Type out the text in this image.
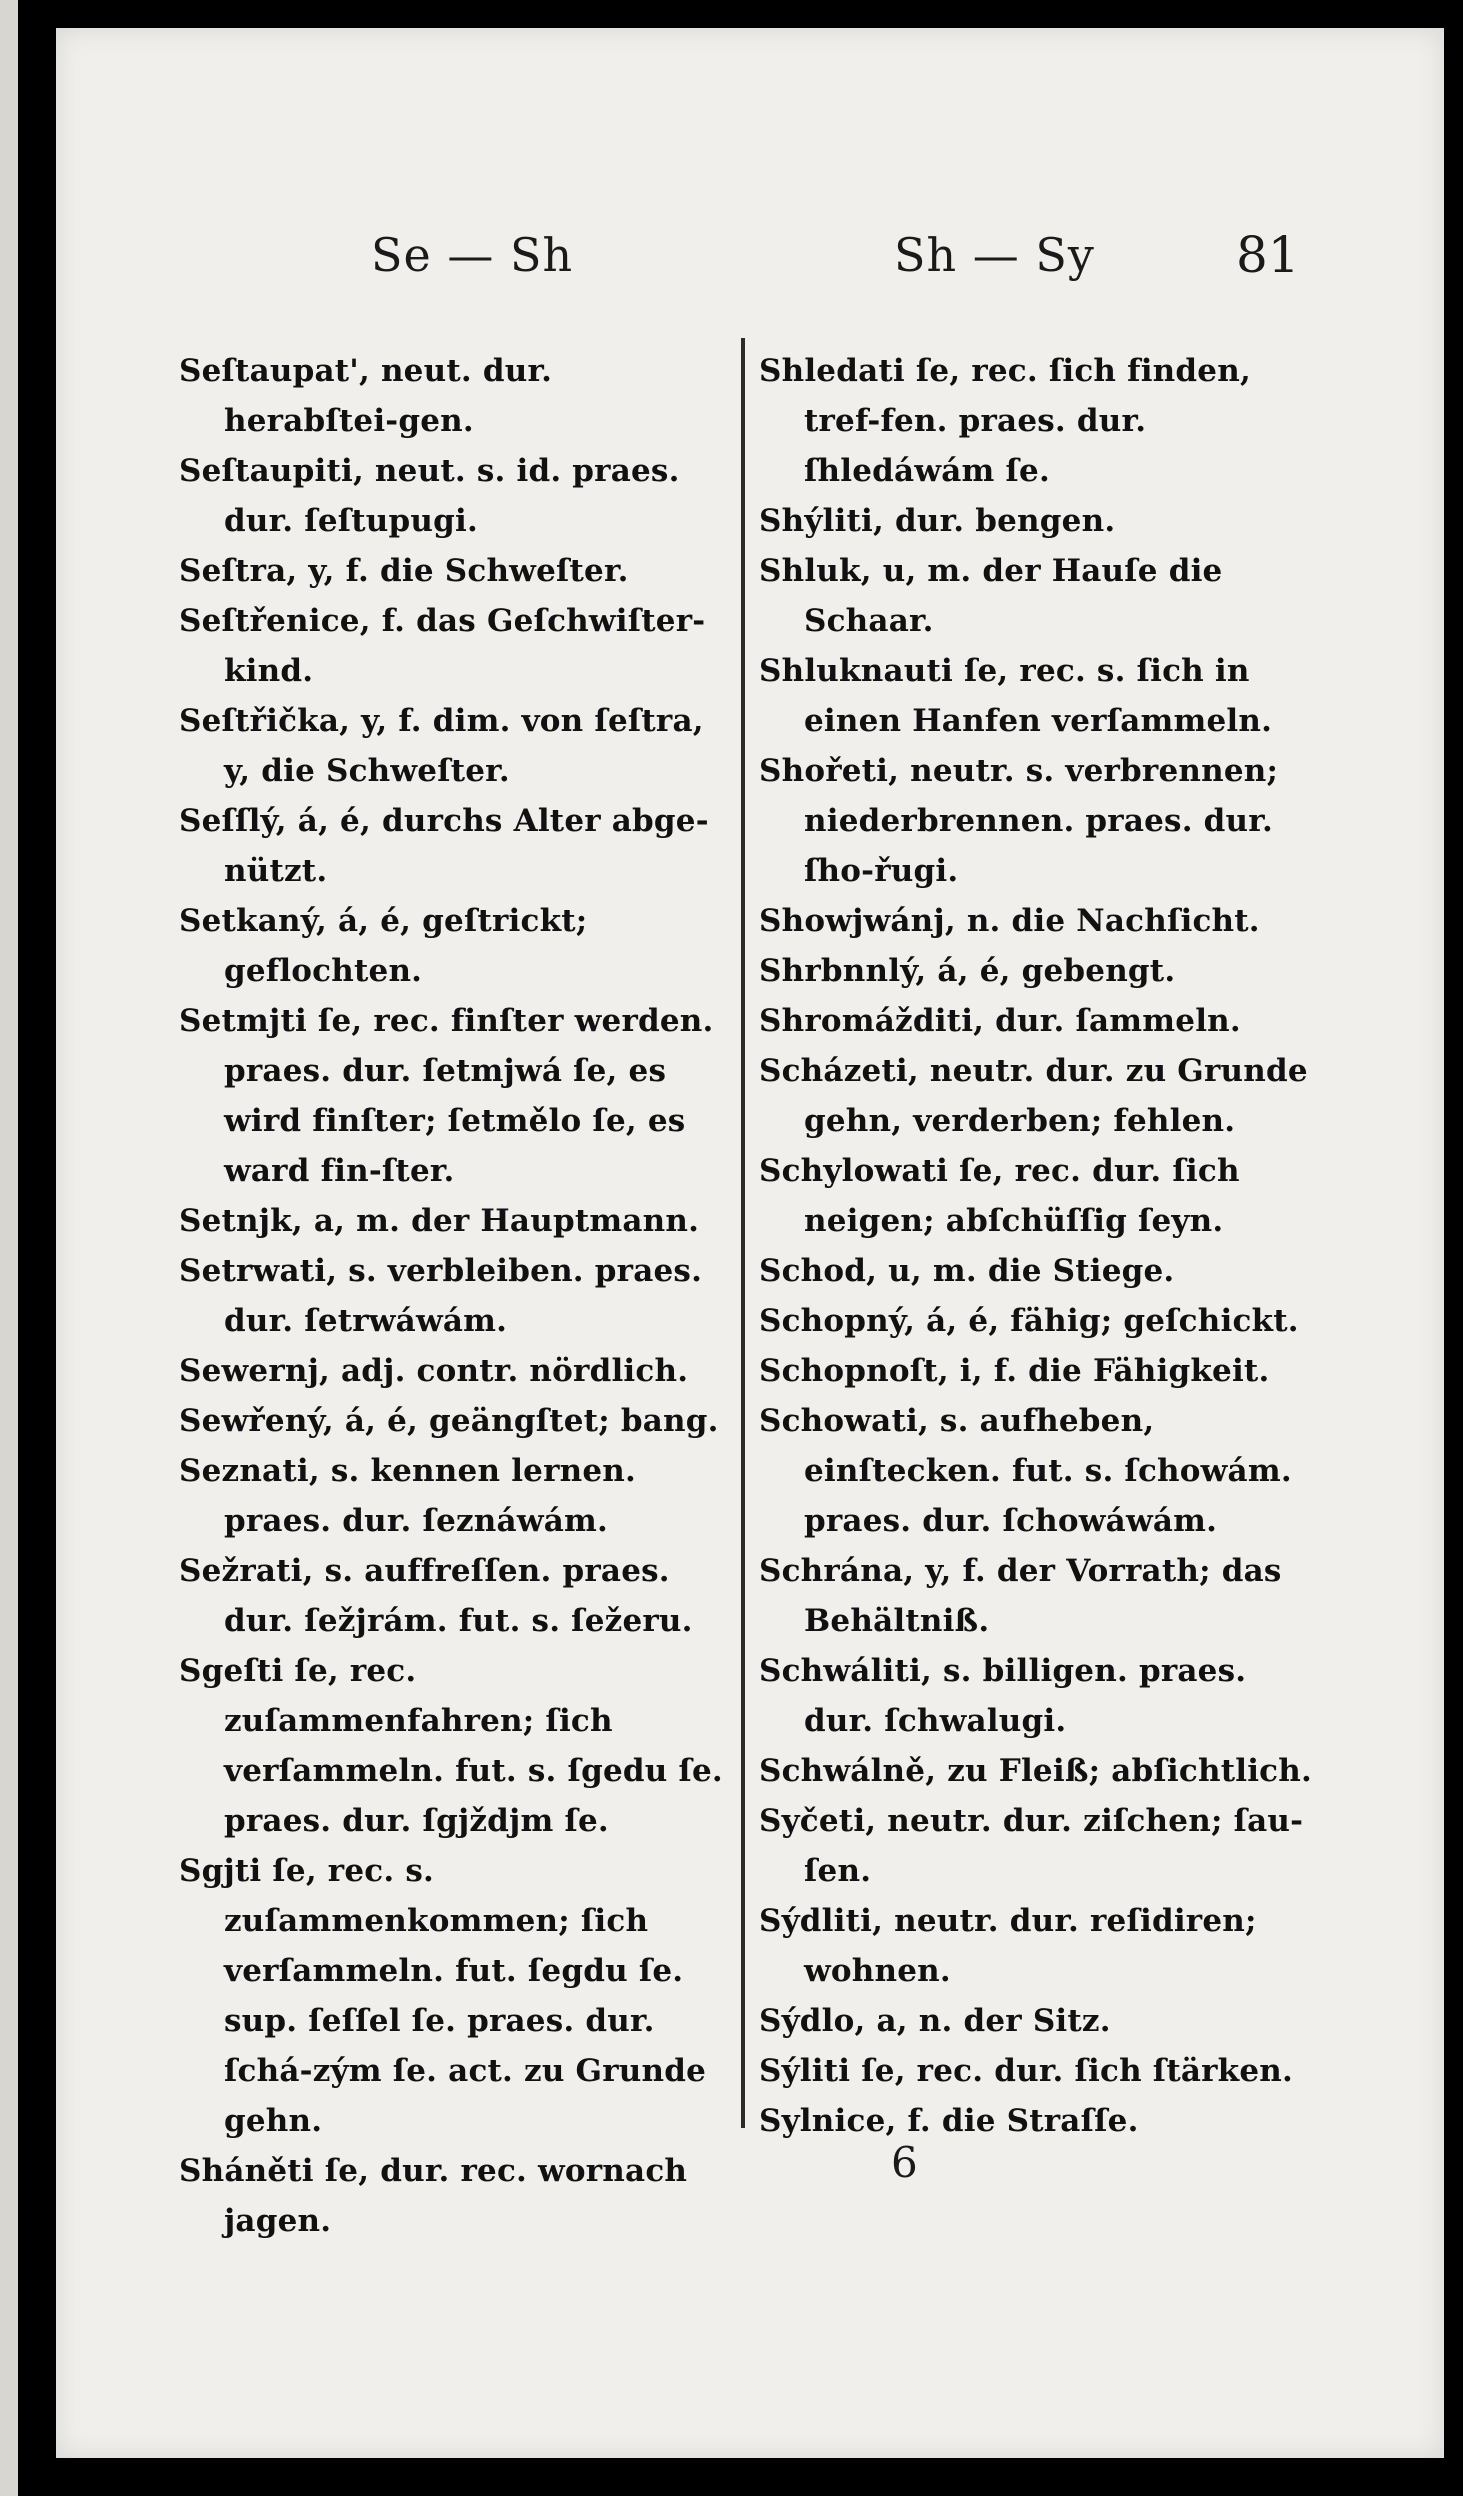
Se — Sh	Sh — Sy	81

Seſtaupat', neut. dur. herabſtei-gen.

Seſtaupiti, neut. s. id. praes. dur. ſeſtupugi.

Seſtra, y, f. die Schweſter.

Seſtřenice, f. das Geſchwiſter-kind.

Seſtřička, y, f. dim. von ſeſtra, y, die Schweſter.

Seſſlý, á, é, durchs Alter abge-nützt.

Setkaný, á, é, geſtrickt; geflochten.

Setmjti ſe, rec. finſter werden. praes. dur. ſetmjwá ſe, es wird finſter; ſetmělo ſe, es ward fin-ſter.

Setnjk, a, m. der Hauptmann.

Setrwati, s. verbleiben. praes. dur. ſetrwáwám.

Sewernj, adj. contr. nördlich.

Sewřený, á, é, geängſtet; bang.

Seznati, s. kennen lernen. praes. dur. ſeznáwám.

Sežrati, s. auffreſſen. praes. dur. ſežjrám. fut. s. ſežeru.

Sgeſti ſe, rec. zuſammenfahren; ſich verſammeln. fut. s. ſgedu ſe. praes. dur. ſgjždjm ſe.

Sgjti ſe, rec. s. zuſammenkommen; ſich verſammeln. fut. ſegdu ſe. sup. ſeſſel ſe. praes. dur. ſchá-zým ſe. act. zu Grunde gehn.

Sháněti ſe, dur. rec. wornach jagen.

Shledati ſe, rec. ſich finden, tref-fen. praes. dur. ſhledáwám ſe.

Shýliti, dur. bengen.

Shluk, u, m. der Hauſe die Schaar.

Shluknauti ſe, rec. s. ſich in einen Hanfen verſammeln.

Shořeti, neutr. s. verbrennen; niederbrennen. praes. dur. ſho-řugi.

Showjwánj, n. die Nachſicht.

Shrbnnlý, á, é, gebengt.

Shromážditi, dur. ſammeln.

Scházeti, neutr. dur. zu Grunde gehn, verderben; fehlen.

Schylowati ſe, rec. dur. ſich neigen; abſchüſſig ſeyn.

Schod, u, m. die Stiege.

Schopný, á, é, fähig; geſchickt.

Schopnoſt, i, f. die Fähigkeit.

Schowati, s. aufheben, einſtecken. fut. s. ſchowám. praes. dur. ſchowáwám.

Schrána, y, f. der Vorrath; das Behältniß.

Schwáliti, s. billigen. praes. dur. ſchwalugi.

Schwálně, zu Fleiß; abſichtlich.

Syčeti, neutr. dur. ziſchen; ſau-ſen.

Sýdliti, neutr. dur. reſidiren; wohnen.

Sýdlo, a, n. der Sitz.

Sýliti ſe, rec. dur. ſich ſtärken.

Sylnice, f. die Straſſe.

6
